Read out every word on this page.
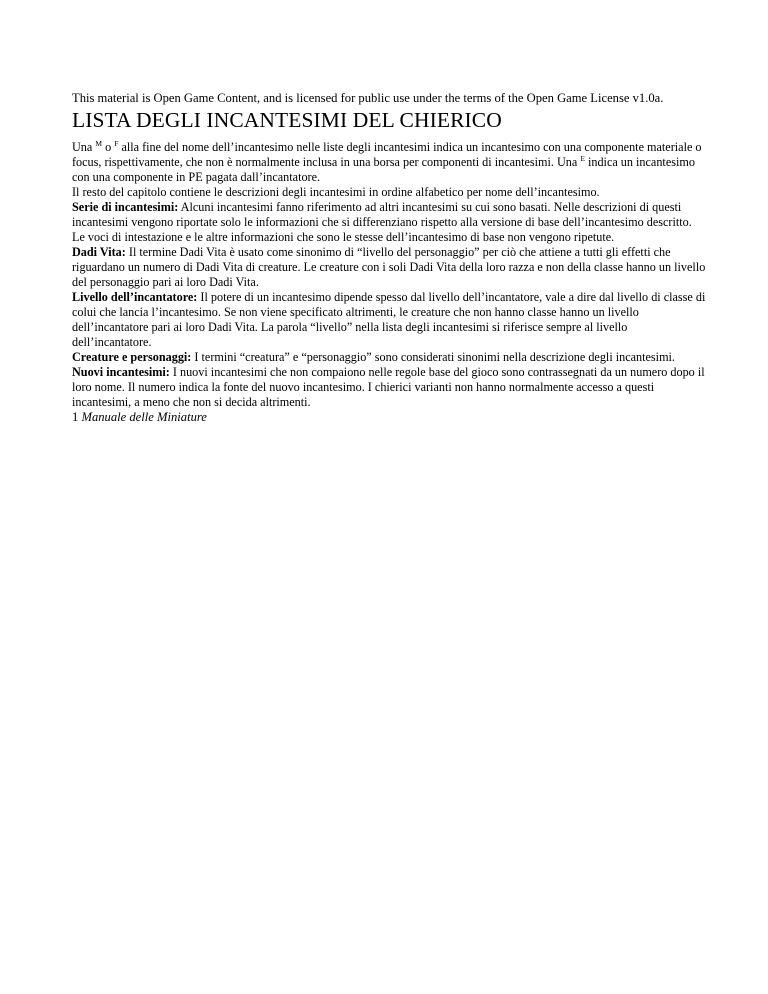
This material is Open Game Content, and is licensed for public use under the terms of the Open Game License v1.0a.

LISTA DEGLI INCANTESIMI DEL CHIERICO

Una $^M$ o $^F$ alla fine del nome dell’incantesimo nelle liste degli incantesimi indica un incantesimo con una componente materiale o focus, rispettivamente, che non è normalmente inclusa in una borsa per componenti di incantesimi. Una $^E$ indica un incantesimo con una componente in PE pagata dall’incantatore.

Il resto del capitolo contiene le descrizioni degli incantesimi in ordine alfabetico per nome dell’incantesimo.

Serie di incantesimi: Alcuni incantesimi fanno riferimento ad altri incantesimi su cui sono basati. Nelle descrizioni di questi incantesimi vengono riportate solo le informazioni che si differenziano rispetto alla versione di base dell’incantesimo descritto. Le voci di intestazione e le altre informazioni che sono le stesse dell’incantesimo di base non vengono ripetute.

Dadi Vita: Il termine Dadi Vita è usato come sinonimo di “livello del personaggio” per ciò che attiene a tutti gli effetti che riguardano un numero di Dadi Vita di creature. Le creature con i soli Dadi Vita della loro razza e non della classe hanno un livello del personaggio pari ai loro Dadi Vita.

Livello dell’incantatore: Il potere di un incantesimo dipende spesso dal livello dell’incantatore, vale a dire dal livello di classe di colui che lancia l’incantesimo. Se non viene specificato altrimenti, le creature che non hanno classe hanno un livello dell’incantatore pari ai loro Dadi Vita. La parola “livello” nella lista degli incantesimi si riferisce sempre al livello dell’incantatore.

Creature e personaggi: I termini “creatura” e “personaggio” sono considerati sinonimi nella descrizione degli incantesimi.

Nuovi incantesimi: I nuovi incantesimi che non compaiono nelle regole base del gioco sono contrassegnati da un numero dopo il loro nome. Il numero indica la fonte del nuovo incantesimo. I chierici varianti non hanno normalmente accesso a questi incantesimi, a meno che non si decida altrimenti.

1 Manuale delle Miniature
